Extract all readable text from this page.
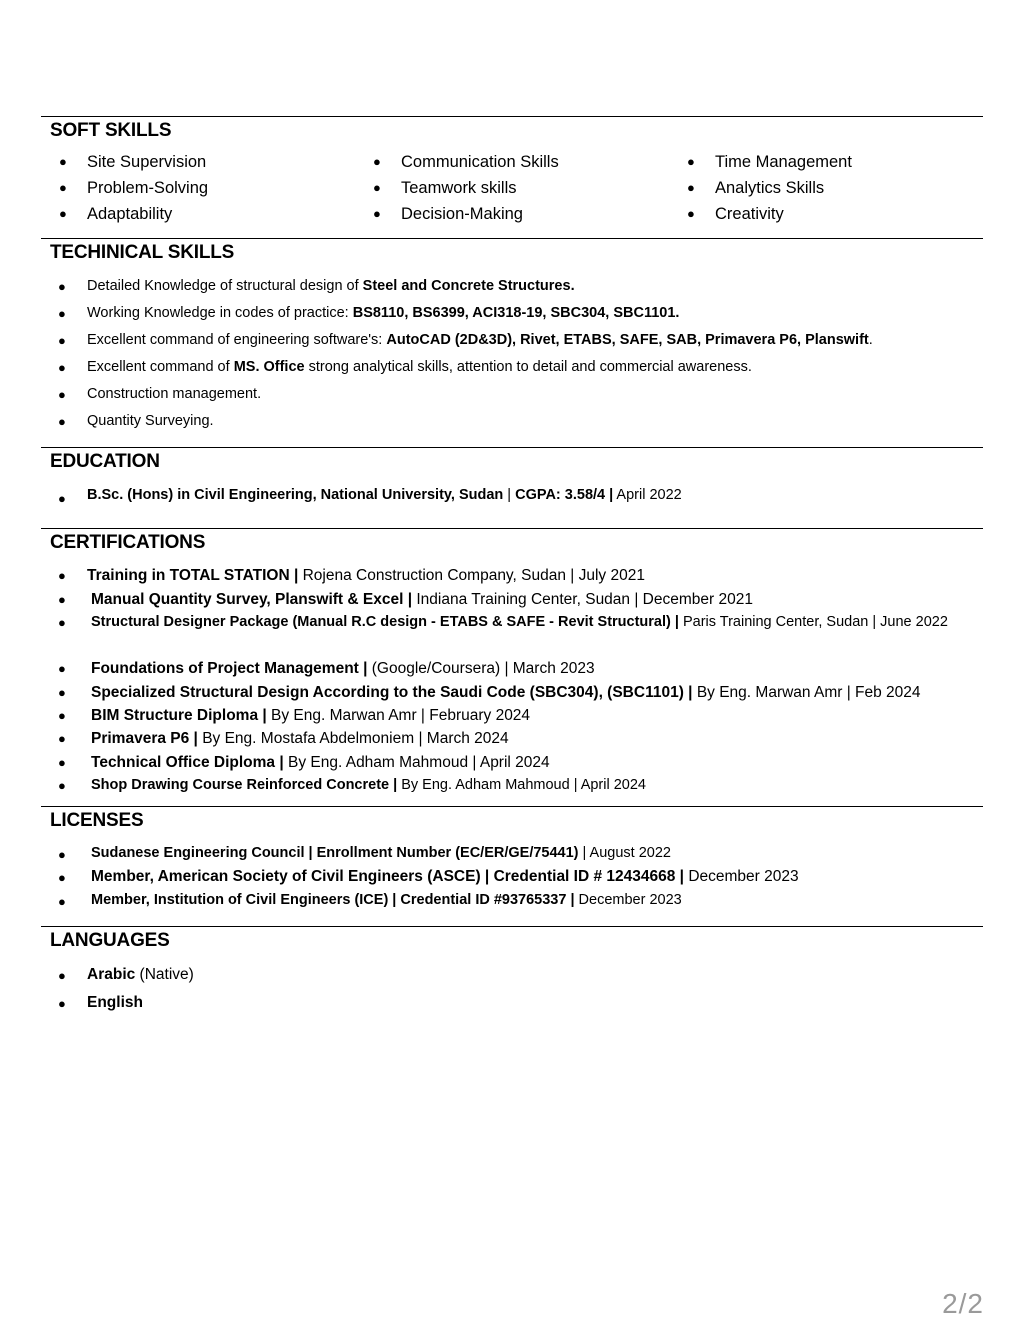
SOFT SKILLS
● Site Supervision
● Problem-Solving
● Adaptability
● Communication Skills
● Teamwork skills
● Decision-Making
● Time Management
● Analytics Skills
● Creativity
TECHINICAL SKILLS
● Detailed Knowledge of structural design of Steel and Concrete Structures.
● Working Knowledge in codes of practice: BS8110, BS6399, ACI318-19, SBC304, SBC1101.
● Excellent command of engineering software's: AutoCAD (2D&3D), Rivet, ETABS, SAFE, SAB, Primavera P6, Planswift.
● Excellent command of MS. Office strong analytical skills, attention to detail and commercial awareness.
● Construction management.
● Quantity Surveying.
EDUCATION
● B.Sc. (Hons) in Civil Engineering, National University, Sudan | CGPA: 3.58/4 | April 2022
CERTIFICATIONS
● Training in TOTAL STATION | Rojena Construction Company, Sudan | July 2021
● Manual Quantity Survey, Planswift & Excel | Indiana Training Center, Sudan | December 2021
● Structural Designer Package (Manual R.C design - ETABS & SAFE - Revit Structural) | Paris Training Center, Sudan | June 2022
● Foundations of Project Management | (Google/Coursera) | March 2023
● Specialized Structural Design According to the Saudi Code (SBC304), (SBC1101) | By Eng. Marwan Amr | Feb 2024
● BIM Structure Diploma | By Eng. Marwan Amr | February 2024
● Primavera P6 | By Eng. Mostafa Abdelmoniem | March 2024
● Technical Office Diploma | By Eng. Adham Mahmoud | April 2024
● Shop Drawing Course Reinforced Concrete | By Eng. Adham Mahmoud | April 2024
LICENSES
● Sudanese Engineering Council | Enrollment Number (EC/ER/GE/75441) | August 2022
● Member, American Society of Civil Engineers (ASCE) | Credential ID # 12434668 | December 2023
● Member, Institution of Civil Engineers (ICE) | Credential ID #93765337 | December 2023
LANGUAGES
● Arabic (Native)
● English
2/2
